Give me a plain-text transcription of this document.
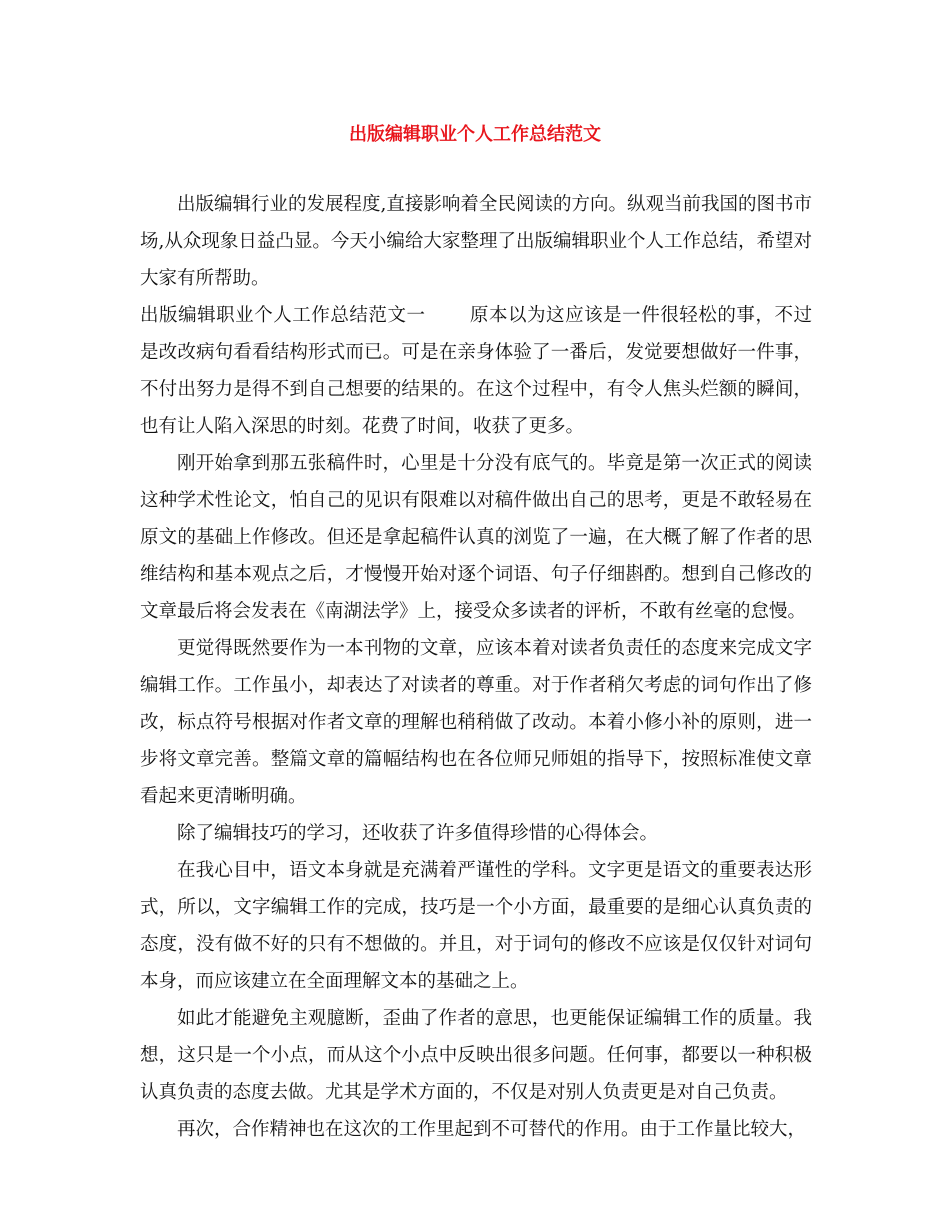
出版编辑职业个人工作总结范文

出版编辑行业的发展程度,直接影响着全民阅读的方向。纵观当前我国的图书市场,从众现象日益凸显。今天小编给大家整理了出版编辑职业个人工作总结，希望对大家有所帮助。

出版编辑职业个人工作总结范文一 原本以为这应该是一件很轻松的事，不过是改改病句看看结构形式而已。可是在亲身体验了一番后，发觉要想做好一件事，不付出努力是得不到自己想要的结果的。在这个过程中，有令人焦头烂额的瞬间，也有让人陷入深思的时刻。花费了时间，收获了更多。

刚开始拿到那五张稿件时，心里是十分没有底气的。毕竟是第一次正式的阅读这种学术性论文，怕自己的见识有限难以对稿件做出自己的思考，更是不敢轻易在原文的基础上作修改。但还是拿起稿件认真的浏览了一遍，在大概了解了作者的思维结构和基本观点之后，才慢慢开始对逐个词语、句子仔细斟酌。想到自己修改的文章最后将会发表在《南湖法学》上，接受众多读者的评析，不敢有丝毫的怠慢。

更觉得既然要作为一本刊物的文章，应该本着对读者负责任的态度来完成文字编辑工作。工作虽小，却表达了对读者的尊重。对于作者稍欠考虑的词句作出了修改，标点符号根据对作者文章的理解也稍稍做了改动。本着小修小补的原则，进一步将文章完善。整篇文章的篇幅结构也在各位师兄师姐的指导下，按照标准使文章看起来更清晰明确。

除了编辑技巧的学习，还收获了许多值得珍惜的心得体会。

在我心目中，语文本身就是充满着严谨性的学科。文字更是语文的重要表达形式，所以，文字编辑工作的完成，技巧是一个小方面，最重要的是细心认真负责的态度，没有做不好的只有不想做的。并且，对于词句的修改不应该是仅仅针对词句本身，而应该建立在全面理解文本的基础之上。

如此才能避免主观臆断，歪曲了作者的意思，也更能保证编辑工作的质量。我想，这只是一个小点，而从这个小点中反映出很多问题。任何事，都要以一种积极认真负责的态度去做。尤其是学术方面的，不仅是对别人负责更是对自己负责。

再次，合作精神也在这次的工作里起到不可替代的作用。由于工作量比较大，
